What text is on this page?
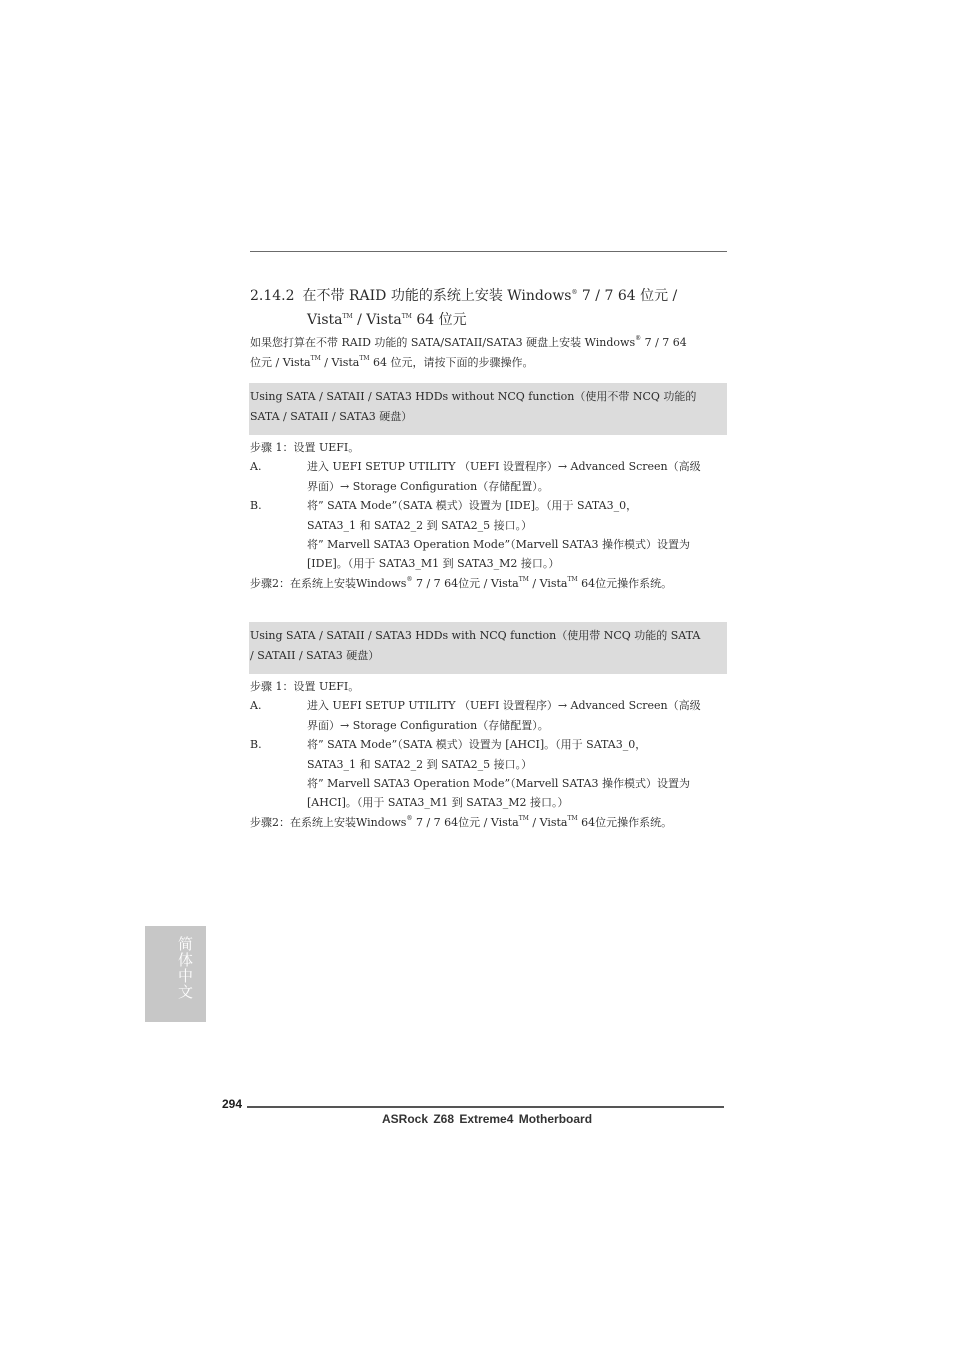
2.14.2 在不带 RAID 功能的系统上安装 Windows® 7 / 7 64 位元 /
Vista™ / Vista™ 64 位元
如果您打算在不带 RAID 功能的 SATA/SATAII/SATA3 硬盘上安装 Windows® 7 / 7 64
位元 / Vista™ / Vista™ 64 位元，请按下面的步骤操作。
Using SATA / SATAII / SATA3 HDDs without NCQ function（使用不带 NCQ 功能的
SATA / SATAII / SATA3 硬盘）
步骤 1：设置 UEFI。
A.	进入 UEFI SETUP UTILITY （UEFI 设置程序）→ Advanced Screen（高级
界面）→ Storage Configuration（存储配置）。
B.	将” SATA Mode”（SATA 模式）设置为 [IDE]。（用于 SATA3_0，
SATA3_1 和 SATA2_2 到 SATA2_5 接口。）
将” Marvell SATA3 Operation Mode”（Marvell SATA3 操作模式）设置为
[IDE]。（用于 SATA3_M1 到 SATA3_M2 接口。）
步骤2：在系统上安装Windows® 7 / 7 64位元 / Vista™ / Vista™ 64位元操作系统。
Using SATA / SATAII / SATA3 HDDs with NCQ function（使用带 NCQ 功能的 SATA
/ SATAII / SATA3 硬盘）
步骤 1：设置 UEFI。
A.	进入 UEFI SETUP UTILITY （UEFI 设置程序）→ Advanced Screen（高级
界面）→ Storage Configuration（存储配置）。
B.	将” SATA Mode”（SATA 模式）设置为 [AHCI]。（用于 SATA3_0，
SATA3_1 和 SATA2_2 到 SATA2_5 接口。）
将” Marvell SATA3 Operation Mode”（Marvell SATA3 操作模式）设置为
[AHCI]。（用于 SATA3_M1 到 SATA3_M2 接口。）
步骤2：在系统上安装Windows® 7 / 7 64位元 / Vista™ / Vista™ 64位元操作系统。
简体中文
294
ASRock Z68 Extreme4 Motherboard
